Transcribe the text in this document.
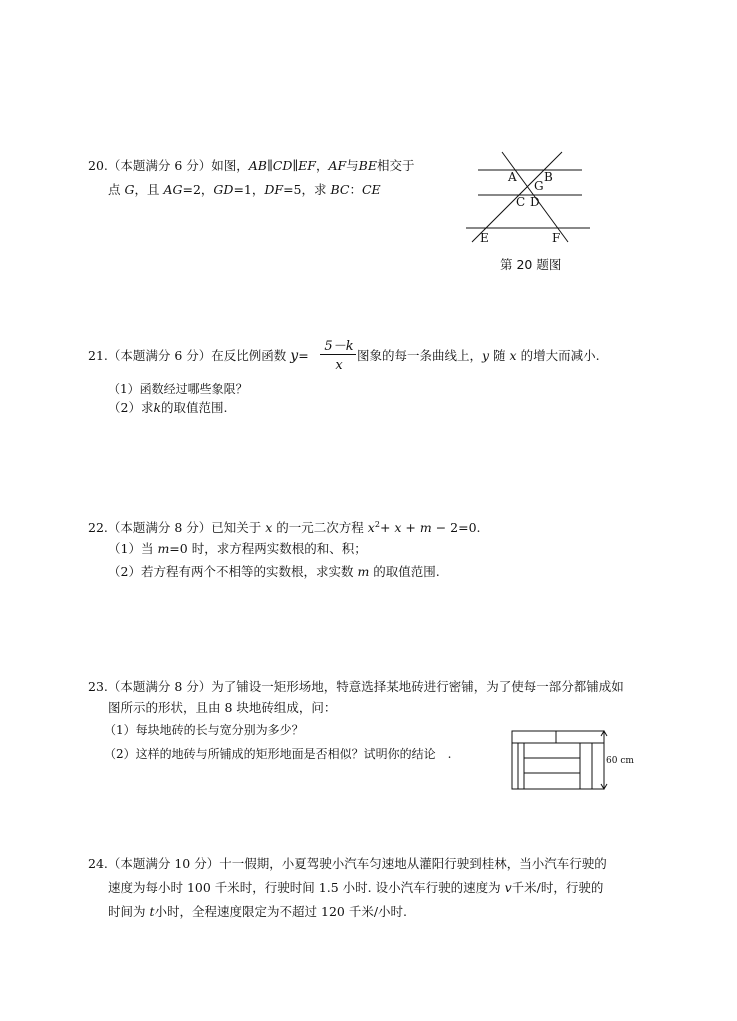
20.（本题满分 6 分）如图，AB∥CD∥EF，AF与BE相交于
点 G，且 AG=2，GD=1，DF=5，求 BC：CE
A B
G
C D
E	F
第 20 题图
21.（本题满分 6 分）在反比例函数 y=
5－k
x
图象的每一条曲线上，y 随 x 的增大而减小.
（1）函数经过哪些象限？
（2）求k的取值范围.
22.（本题满分 8 分）已知关于 x 的一元二次方程 $x^2+ x + m - 2=0$.
（1）当 m=0 时，求方程两实数根的和、积；
（2）若方程有两个不相等的实数根，求实数 m 的取值范围.
23.（本题满分 8 分）为了铺设一矩形场地，特意选择某地砖进行密铺，为了使每一部分都铺成如
图所示的形状，且由 8 块地砖组成，问：
（1）每块地砖的长与宽分别为多少？
（2）这样的地砖与所铺成的矩形地面是否相似？试明你的结论　.	60 cm
24.（本题满分 10 分）十一假期，小夏驾驶小汽车匀速地从灌阳行驶到桂林，当小汽车行驶的
速度为每小时 100 千米时，行驶时间 1.5 小时. 设小汽车行驶的速度为 v千米/时，行驶的
时间为 t小时，全程速度限定为不超过 120 千米/小时.
